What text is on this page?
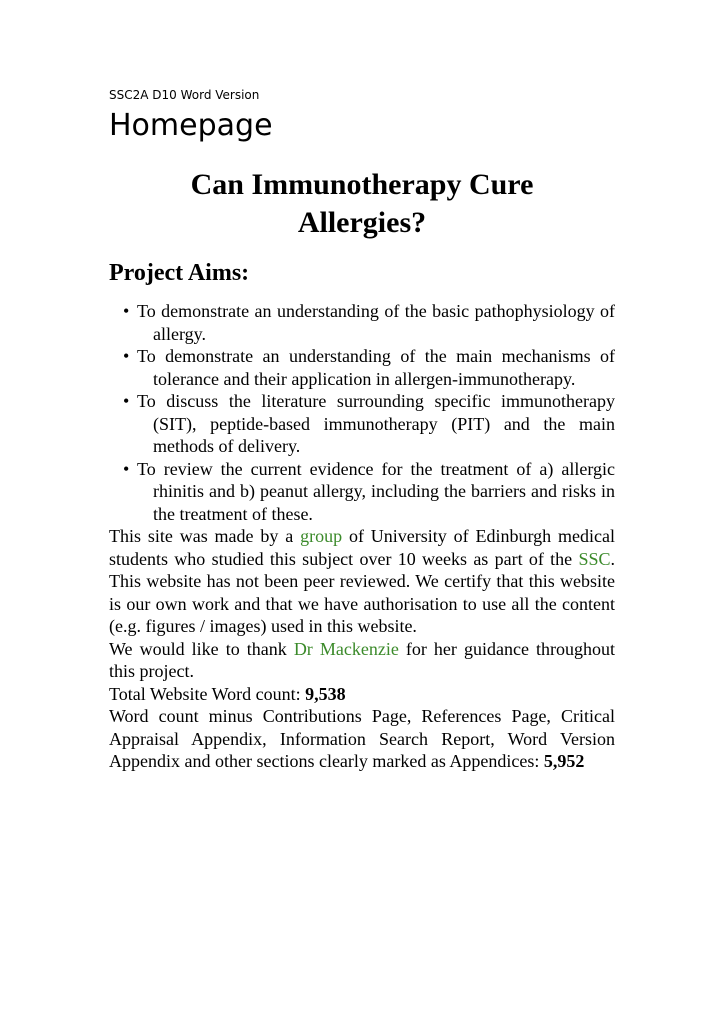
SSC2A D10 Word Version

Homepage
Can Immunotherapy Cure
Allergies?
Project Aims:
• To demonstrate an understanding of the basic pathophysiology of allergy.
• To demonstrate an understanding of the main mechanisms of tolerance and their application in allergen-immunotherapy.
• To discuss the literature surrounding specific immunotherapy (SIT), peptide-based immunotherapy (PIT) and the main methods of delivery.
• To review the current evidence for the treatment of a) allergic rhinitis and b) peanut allergy, including the barriers and risks in the treatment of these.

This site was made by a group of University of Edinburgh medical students who studied this subject over 10 weeks as part of the SSC. This website has not been peer reviewed. We certify that this website is our own work and that we have authorisation to use all the content (e.g. figures / images) used in this website.

We would like to thank Dr Mackenzie for her guidance throughout this project.

Total Website Word count: 9,538

Word count minus Contributions Page, References Page, Critical Appraisal Appendix, Information Search Report, Word Version Appendix and other sections clearly marked as Appendices: 5,952
